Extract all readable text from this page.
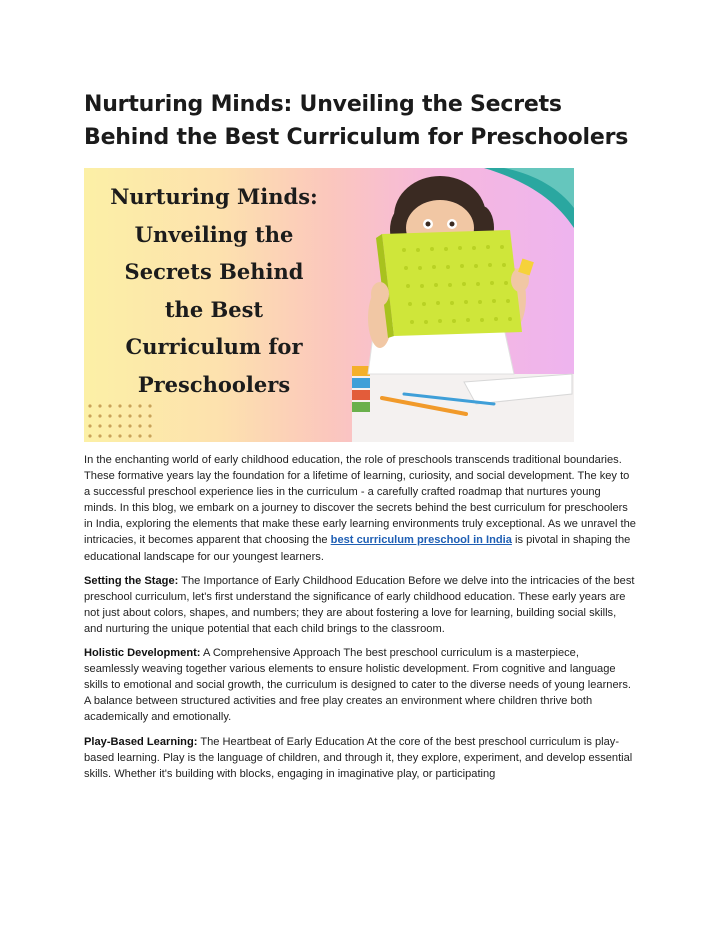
Nurturing Minds: Unveiling the Secrets Behind the Best Curriculum for Preschoolers
Nurturing Minds:
Unveiling the
Secrets Behind
the Best
Curriculum for
Preschoolers

In the enchanting world of early childhood education, the role of preschools transcends traditional boundaries. These formative years lay the foundation for a lifetime of learning, curiosity, and social development. The key to a successful preschool experience lies in the curriculum - a carefully crafted roadmap that nurtures young minds. In this blog, we embark on a journey to discover the secrets behind the best curriculum for preschoolers in India, exploring the elements that make these early learning environments truly exceptional. As we unravel the intricacies, it becomes apparent that choosing the best curriculum preschool in India is pivotal in shaping the educational landscape for our youngest learners.

Setting the Stage: The Importance of Early Childhood Education Before we delve into the intricacies of the best preschool curriculum, let's first understand the significance of early childhood education. These early years are not just about colors, shapes, and numbers; they are about fostering a love for learning, building social skills, and nurturing the unique potential that each child brings to the classroom.

Holistic Development: A Comprehensive Approach The best preschool curriculum is a masterpiece, seamlessly weaving together various elements to ensure holistic development. From cognitive and language skills to emotional and social growth, the curriculum is designed to cater to the diverse needs of young learners. A balance between structured activities and free play creates an environment where children thrive both academically and emotionally.

Play-Based Learning: The Heartbeat of Early Education At the core of the best preschool curriculum is play-based learning. Play is the language of children, and through it, they explore, experiment, and develop essential skills. Whether it's building with blocks, engaging in imaginative play, or participating
